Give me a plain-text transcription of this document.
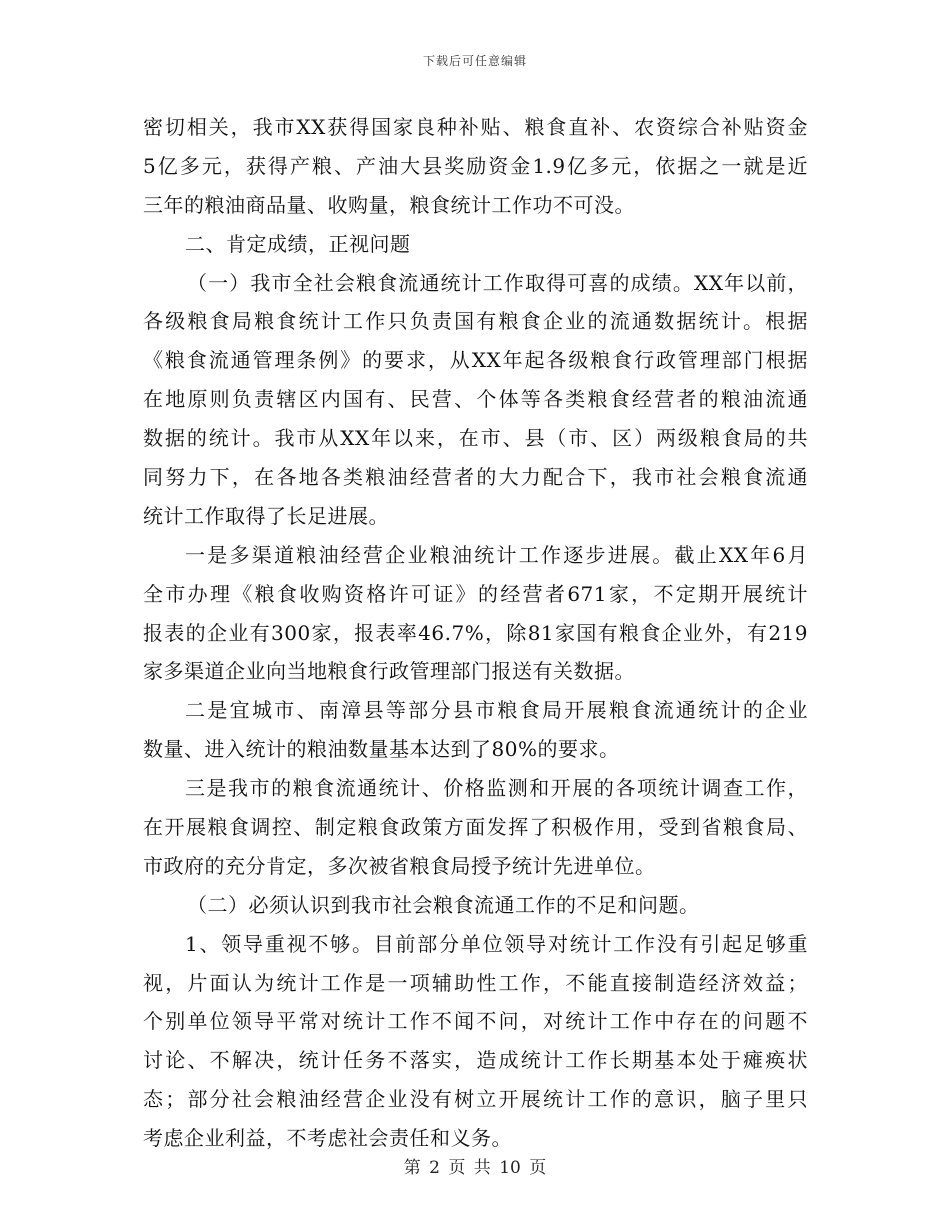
下载后可任意编辑
密切相关，我市XX获得国家良种补贴、粮食直补、农资综合补贴资金
5亿多元，获得产粮、产油大县奖励资金1.9亿多元，依据之一就是近
三年的粮油商品量、收购量，粮食统计工作功不可没。
二、肯定成绩，正视问题
（一）我市全社会粮食流通统计工作取得可喜的成绩。XX年以前，
各级粮食局粮食统计工作只负责国有粮食企业的流通数据统计。根据
《粮食流通管理条例》的要求，从XX年起各级粮食行政管理部门根据
在地原则负责辖区内国有、民营、个体等各类粮食经营者的粮油流通
数据的统计。我市从XX年以来，在市、县（市、区）两级粮食局的共
同努力下，在各地各类粮油经营者的大力配合下，我市社会粮食流通
统计工作取得了长足进展。
一是多渠道粮油经营企业粮油统计工作逐步进展。截止XX年6月
全市办理《粮食收购资格许可证》的经营者671家，不定期开展统计
报表的企业有300家，报表率46.7%，除81家国有粮食企业外，有219
家多渠道企业向当地粮食行政管理部门报送有关数据。
二是宜城市、南漳县等部分县市粮食局开展粮食流通统计的企业
数量、进入统计的粮油数量基本达到了80%的要求。
三是我市的粮食流通统计、价格监测和开展的各项统计调查工作，
在开展粮食调控、制定粮食政策方面发挥了积极作用，受到省粮食局、
市政府的充分肯定，多次被省粮食局授予统计先进单位。
（二）必须认识到我市社会粮食流通工作的不足和问题。
1、领导重视不够。目前部分单位领导对统计工作没有引起足够重
视，片面认为统计工作是一项辅助性工作，不能直接制造经济效益；
个别单位领导平常对统计工作不闻不问，对统计工作中存在的问题不
讨论、不解决，统计任务不落实，造成统计工作长期基本处于瘫痪状
态；部分社会粮油经营企业没有树立开展统计工作的意识，脑子里只
考虑企业利益，不考虑社会责任和义务。
第 2 页 共 10 页
